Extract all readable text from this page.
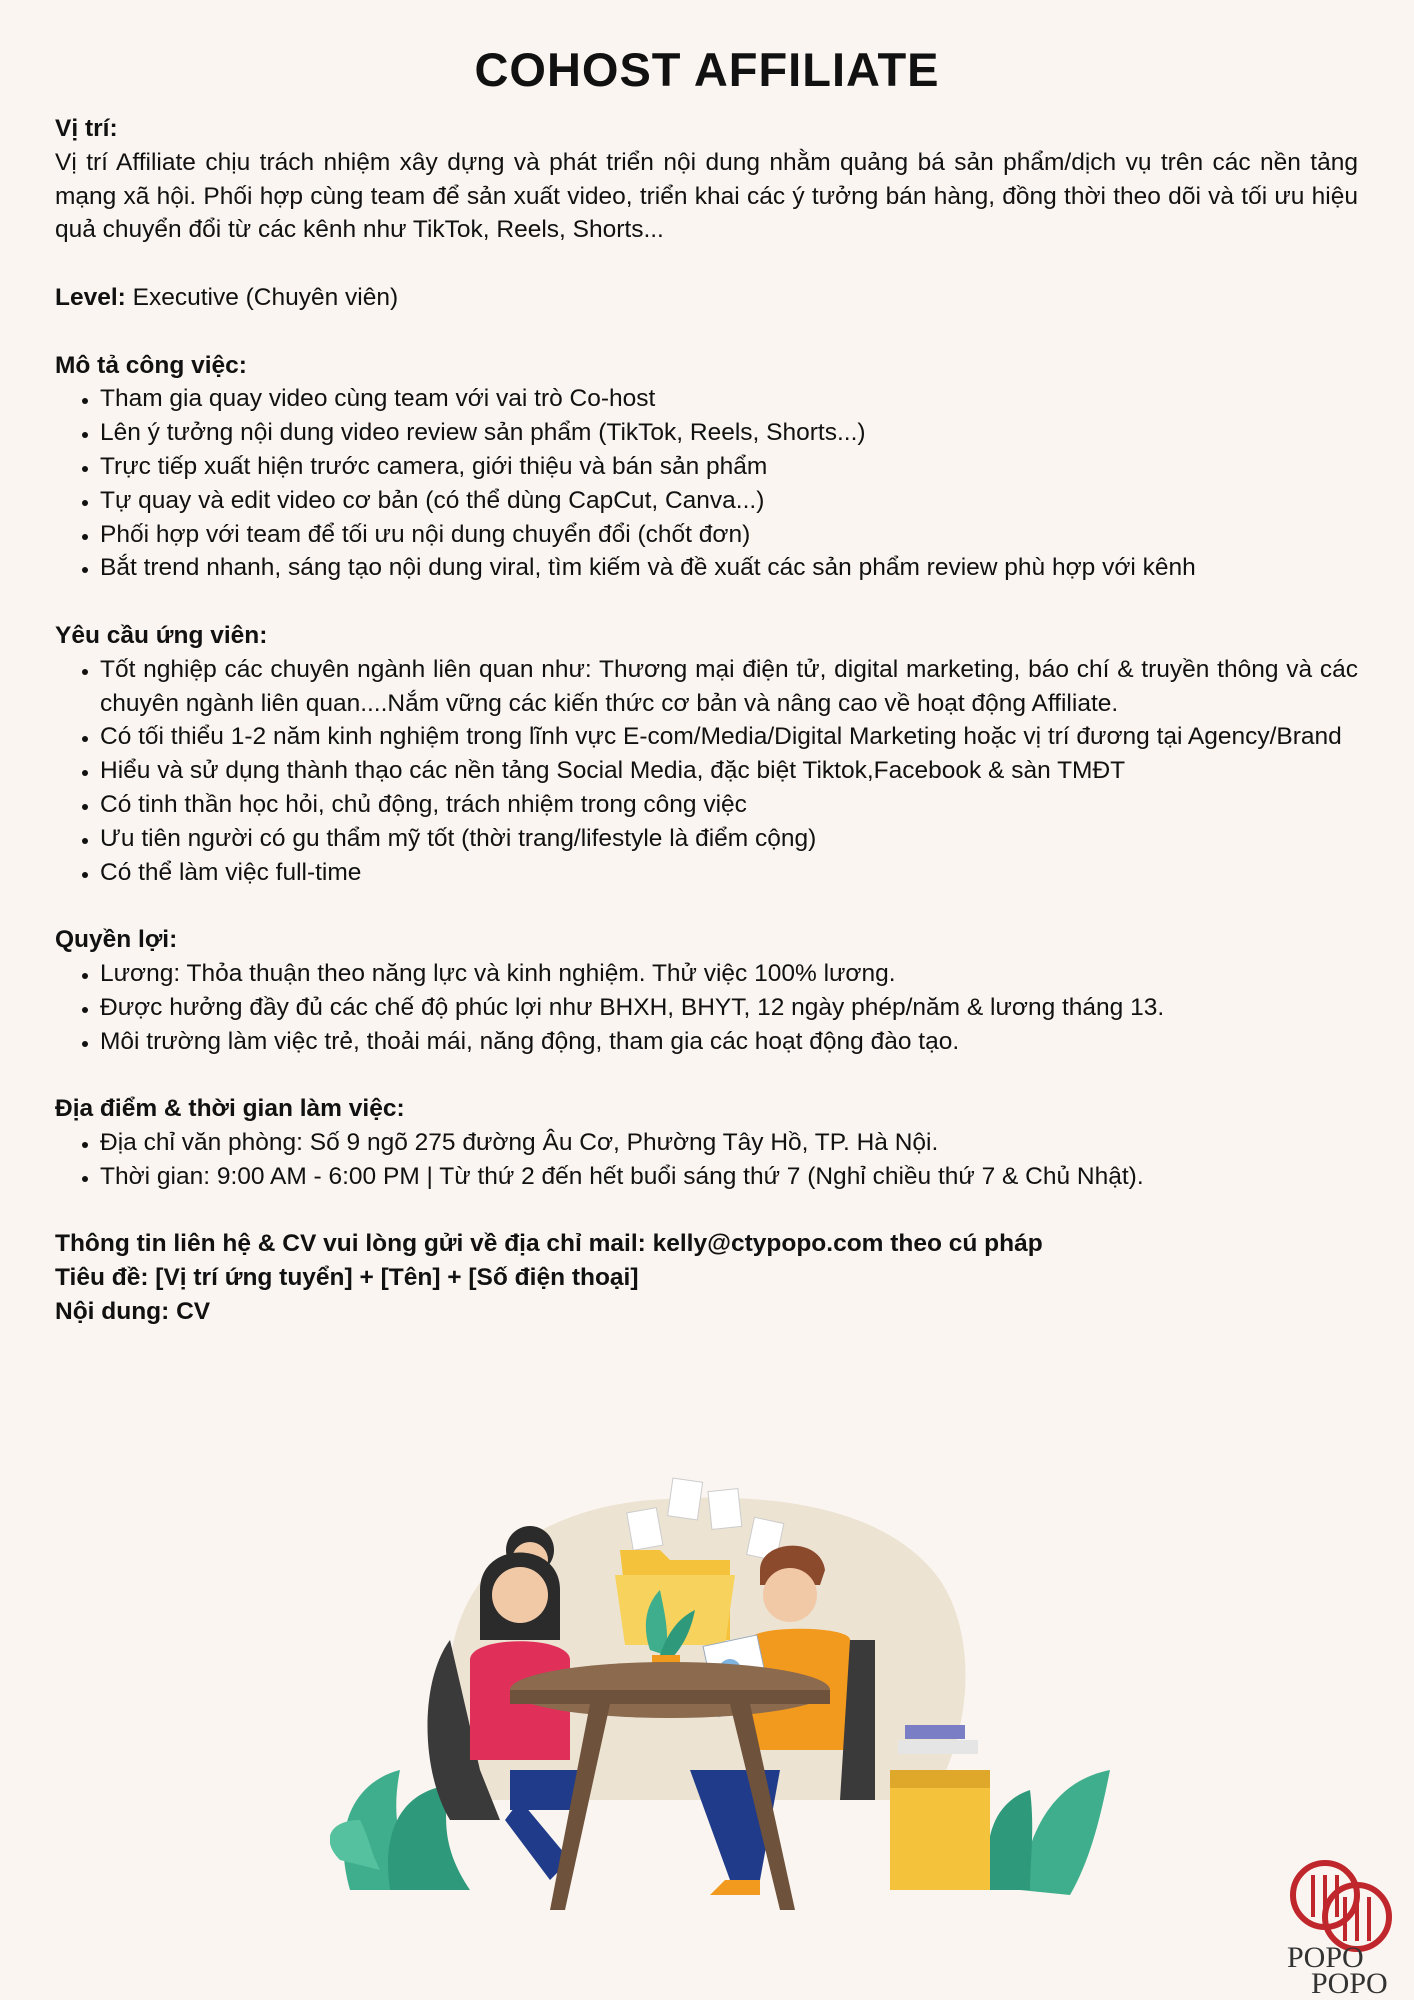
COHOST AFFILIATE

Vị trí:

Vị trí Affiliate chịu trách nhiệm xây dựng và phát triển nội dung nhằm quảng bá sản phẩm/dịch vụ trên các nền tảng mạng xã hội. Phối hợp cùng team để sản xuất video, triển khai các ý tưởng bán hàng, đồng thời theo dõi và tối ưu hiệu quả chuyển đổi từ các kênh như TikTok, Reels, Shorts...

Level: Executive (Chuyên viên)

Mô tả công việc:

• Tham gia quay video cùng team với vai trò Co-host
• Lên ý tưởng nội dung video review sản phẩm (TikTok, Reels, Shorts...)
• Trực tiếp xuất hiện trước camera, giới thiệu và bán sản phẩm
• Tự quay và edit video cơ bản (có thể dùng CapCut, Canva...)
• Phối hợp với team để tối ưu nội dung chuyển đổi (chốt đơn)
• Bắt trend nhanh, sáng tạo nội dung viral, tìm kiếm và đề xuất các sản phẩm review phù hợp với kênh

Yêu cầu ứng viên:

• Tốt nghiệp các chuyên ngành liên quan như: Thương mại điện tử, digital marketing, báo chí & truyền thông và các chuyên ngành liên quan....Nắm vững các kiến thức cơ bản và nâng cao về hoạt động Affiliate.
• Có tối thiểu 1-2 năm kinh nghiệm trong lĩnh vực E-com/Media/Digital Marketing hoặc vị trí đương tại Agency/Brand
• Hiểu và sử dụng thành thạo các nền tảng Social Media, đặc biệt Tiktok,Facebook & sàn TMĐT
• Có tinh thần học hỏi, chủ động, trách nhiệm trong công việc
• Ưu tiên người có gu thẩm mỹ tốt (thời trang/lifestyle là điểm cộng)
• Có thể làm việc full-time

Quyền lợi:

• Lương: Thỏa thuận theo năng lực và kinh nghiệm. Thử việc 100% lương.
• Được hưởng đầy đủ các chế độ phúc lợi như BHXH, BHYT, 12 ngày phép/năm & lương tháng 13.
• Môi trường làm việc trẻ, thoải mái, năng động, tham gia các hoạt động đào tạo.

Địa điểm & thời gian làm việc:

• Địa chỉ văn phòng: Số 9 ngõ 275 đường Âu Cơ, Phường Tây Hồ, TP. Hà Nội.
• Thời gian: 9:00 AM - 6:00 PM | Từ thứ 2 đến hết buổi sáng thứ 7 (Nghỉ chiều thứ 7 & Chủ Nhật).

Thông tin liên hệ & CV vui lòng gửi về địa chỉ mail: kelly@ctypopo.com theo cú pháp

Tiêu đề: [Vị trí ứng tuyển] + [Tên] + [Số điện thoại]

Nội dung: CV

POPO
POPO
